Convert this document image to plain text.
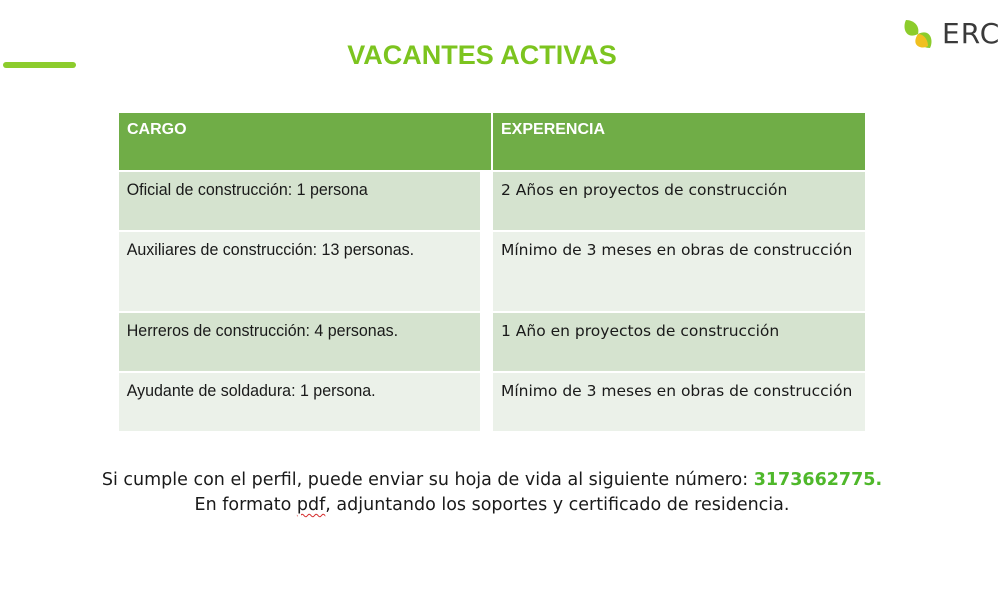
ERC
VACANTES ACTIVAS
CARGO	EXPERENCIA
Oficial de construcción: 1 persona	2 Años en proyectos de construcción
Auxiliares de construcción: 13 personas.	Mínimo de 3 meses en obras de construcción
Herreros de construcción: 4 personas.	1 Año en proyectos de construcción
Ayudante de soldadura: 1 persona.	Mínimo de 3 meses en obras de construcción
Si cumple con el perfil, puede enviar su hoja de vida al siguiente número: 3173662775.
En formato pdf, adjuntando los soportes y certificado de residencia.
